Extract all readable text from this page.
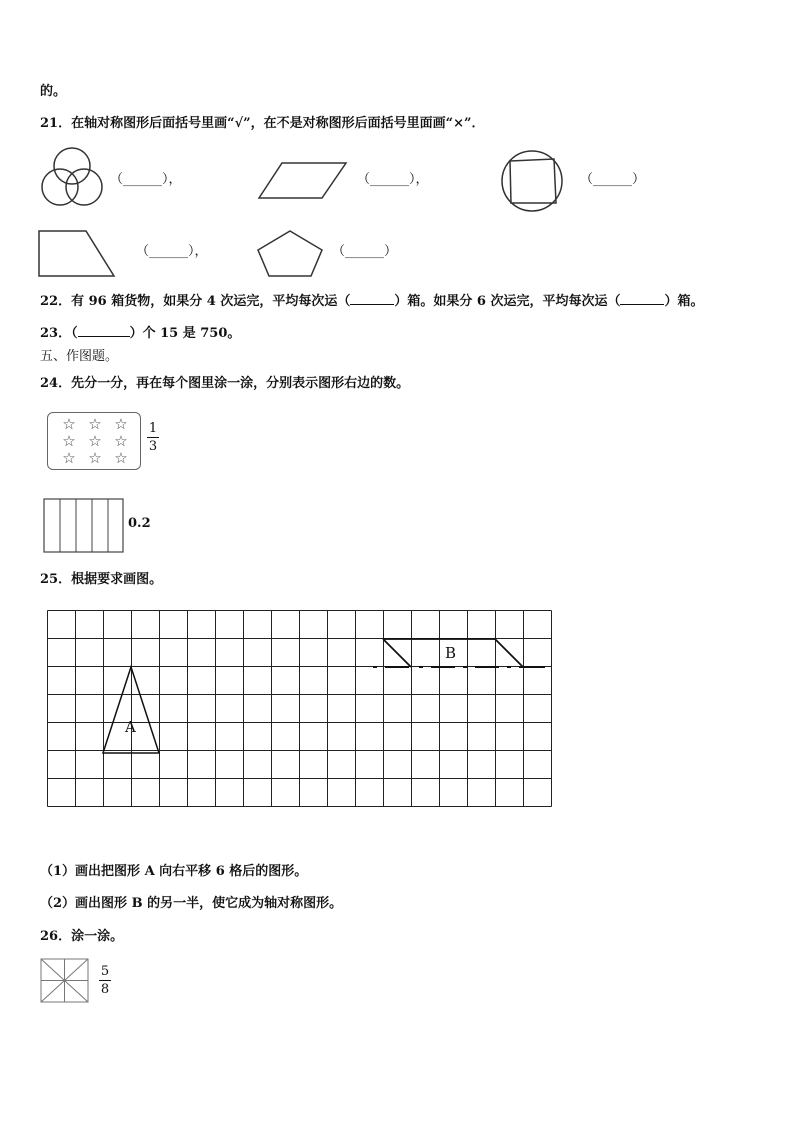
的。
21．在轴对称图形后面括号里画“√”，在不是对称图形后面括号里面画“×”．
（______），	（______），	（______）
（______），	（______）
22．有 96 箱货物，如果分 4 次运完，平均每次运（	）箱。如果分 6 次运完，平均每次运（	）箱。
23．（	）个 15 是 750。
五、作图题。
24．先分一分，再在每个图里涂一涂，分别表示图形右边的数。
☆ ☆ ☆
☆ ☆ ☆
☆ ☆ ☆
1
3
0.2
25．根据要求画图。
A
B
（1）画出把图形 A 向右平移 6 格后的图形。
（2）画出图形 B 的另一半，使它成为轴对称图形。
26．涂一涂。
5
8
